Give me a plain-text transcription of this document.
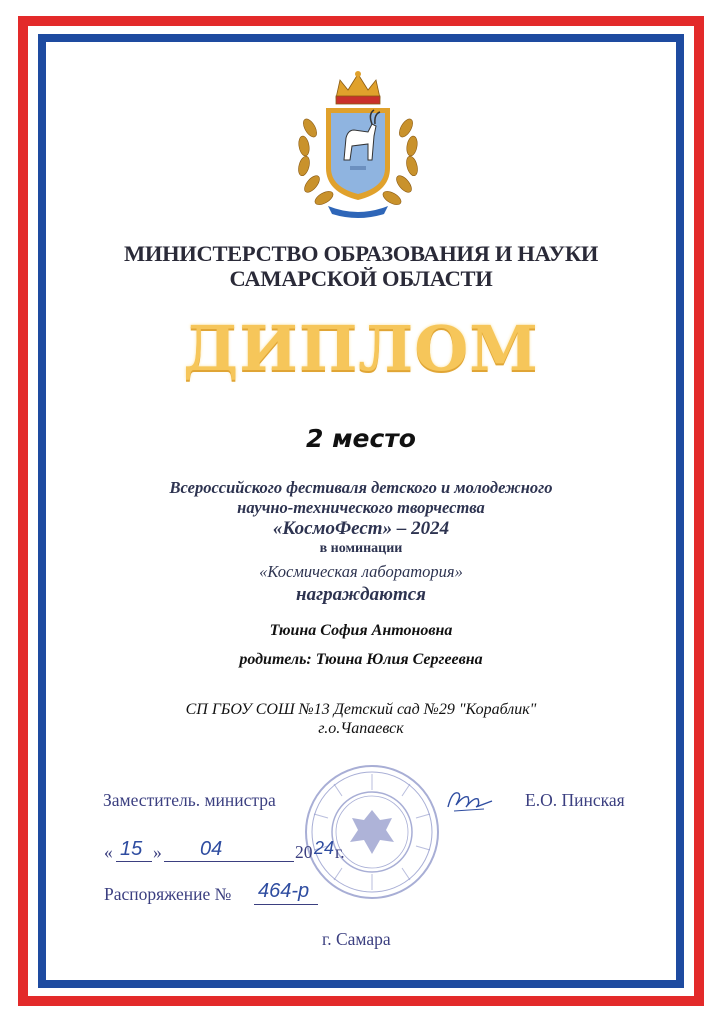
МИНИСТЕРСТВО ОБРАЗОВАНИЯ И НАУКИ
САМАРСКОЙ ОБЛАСТИ
ДИПЛОМ
2 место
Всероссийского фестиваля детского и молодежного
научно-технического творчества
«КосмоФест» – 2024
в номинации
«Космическая лаборатория»
награждаются
Тюина София Антоновна
родитель: Тюина Юлия Сергеевна
СП ГБОУ СОШ №13 Детский сад №29 "Кораблик"
г.о.Чапаевск
Заместитель. министра	Е.О. Пинская
« 15 » 04	20 24 г.
Распоряжение № 464-р
г. Самара
